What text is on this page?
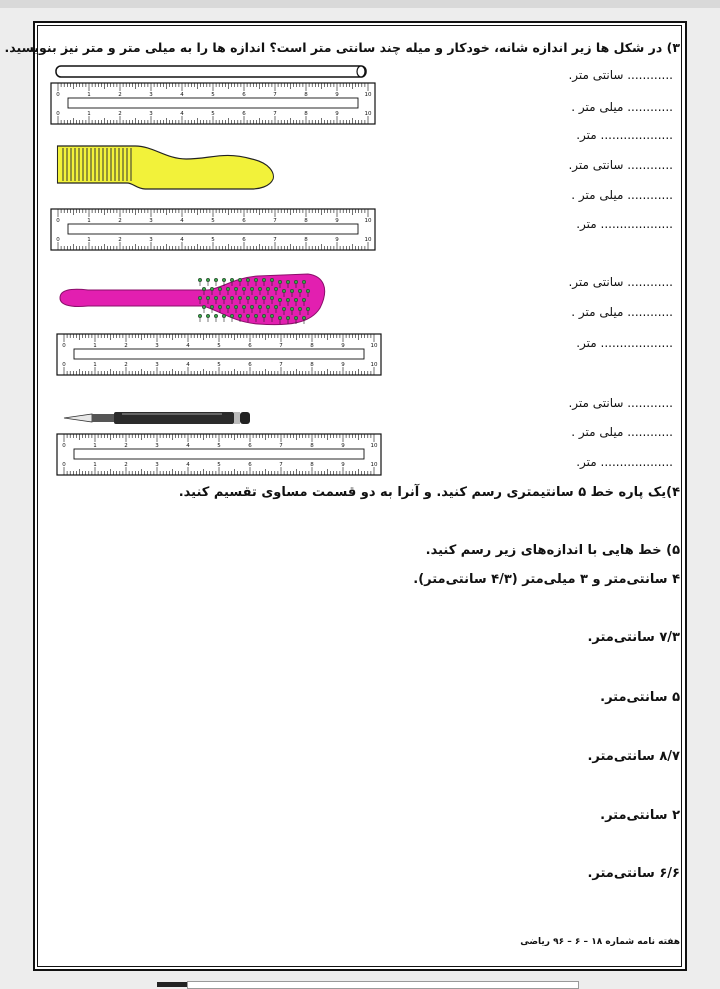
۳) در شکل ها زیر اندازه شانه، خودکار و میله چند سانتی متر است؟ اندازه ها را به میلی متر و متر نیز بنویسید.
0
0
1
1
2
2
3
3
4
4
5
5
6
6
7
7
8
8
9
9
10
10
0
0
1
1
2
2
3
3
4
4
5
5
6
6
7
7
8
8
9
9
10
10
0
0
1
1
2
2
3
3
4
4
5
5
6
6
7
7
8
8
9
9
10
10
0
0
1
1
2
2
3
3
4
4
5
5
6
6
7
7
8
8
9
9
10
10
............ سانتی متر.
............ میلی متر .
................... متر.
............ سانتی متر.
............ میلی متر .
................... متر.
............ سانتی متر.
............ میلی متر .
................... متر.
............ سانتی متر.
............ میلی متر .
................... متر.
۴)یک پاره خط ۵ سانتیمتری رسم کنید. و آنرا به دو قسمت مساوی تقسیم کنید.
۵) خط هایی با اندازه‌های زیر رسم کنید.
۴ سانتی‌متر و ۳ میلی‌متر (۴/۳ سانتی‌متر).
۷/۳ سانتی‌متر.
۵ سانتی‌متر.
۸/۷ سانتی‌متر.
۲ سانتی‌متر.
۶/۶ سانتی‌متر.
هفته نامه شماره ۱۸ – ۶ – ۹۶ ریاضی
